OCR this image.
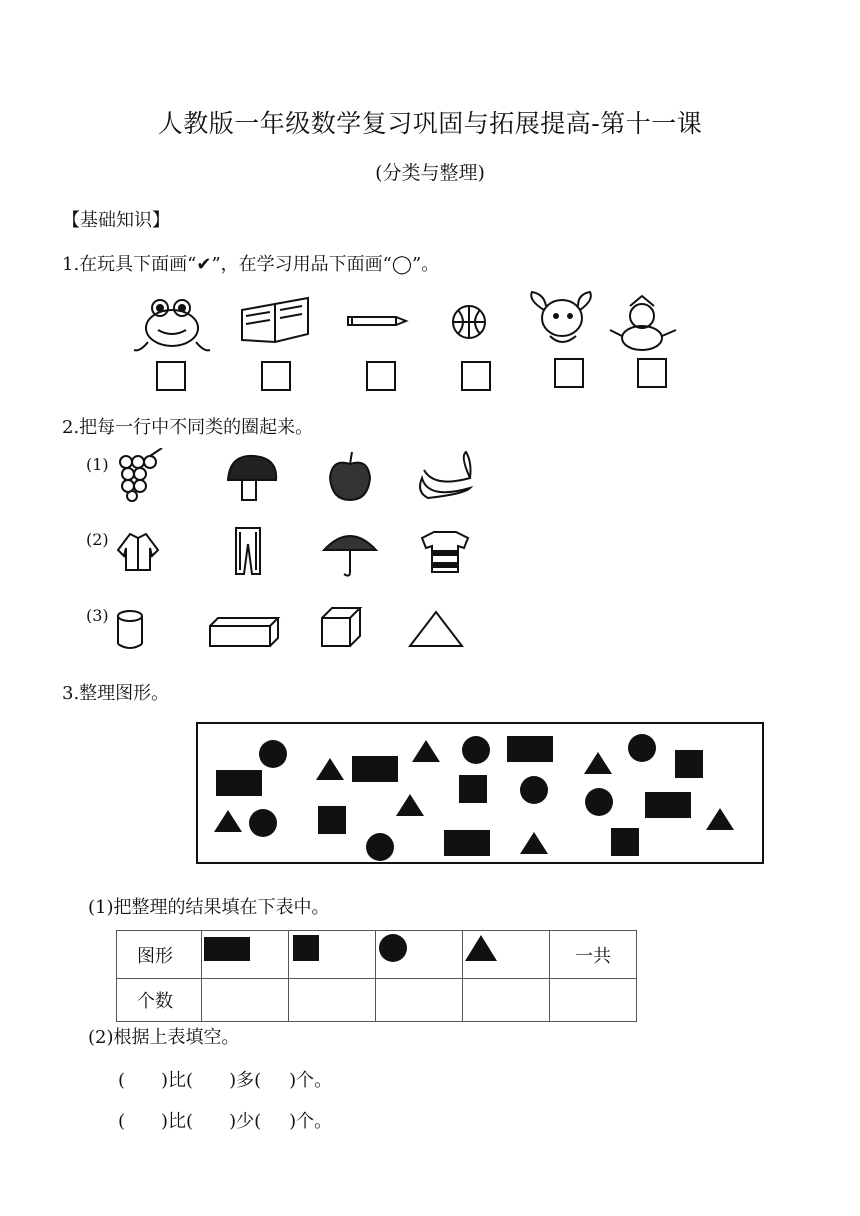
人教版一年级数学复习巩固与拓展提高-第十一课
(分类与整理)
【基础知识】
1.在玩具下面画“✔”，在学习用品下面画“◯”。
2.把每一行中不同类的圈起来。
(1)
(2)
(3)
3.整理图形。
(1)把整理的结果填在下表中。
图形					一共
个数					
(2)根据上表填空。
( )比( )多( )个。
( )比( )少( )个。
